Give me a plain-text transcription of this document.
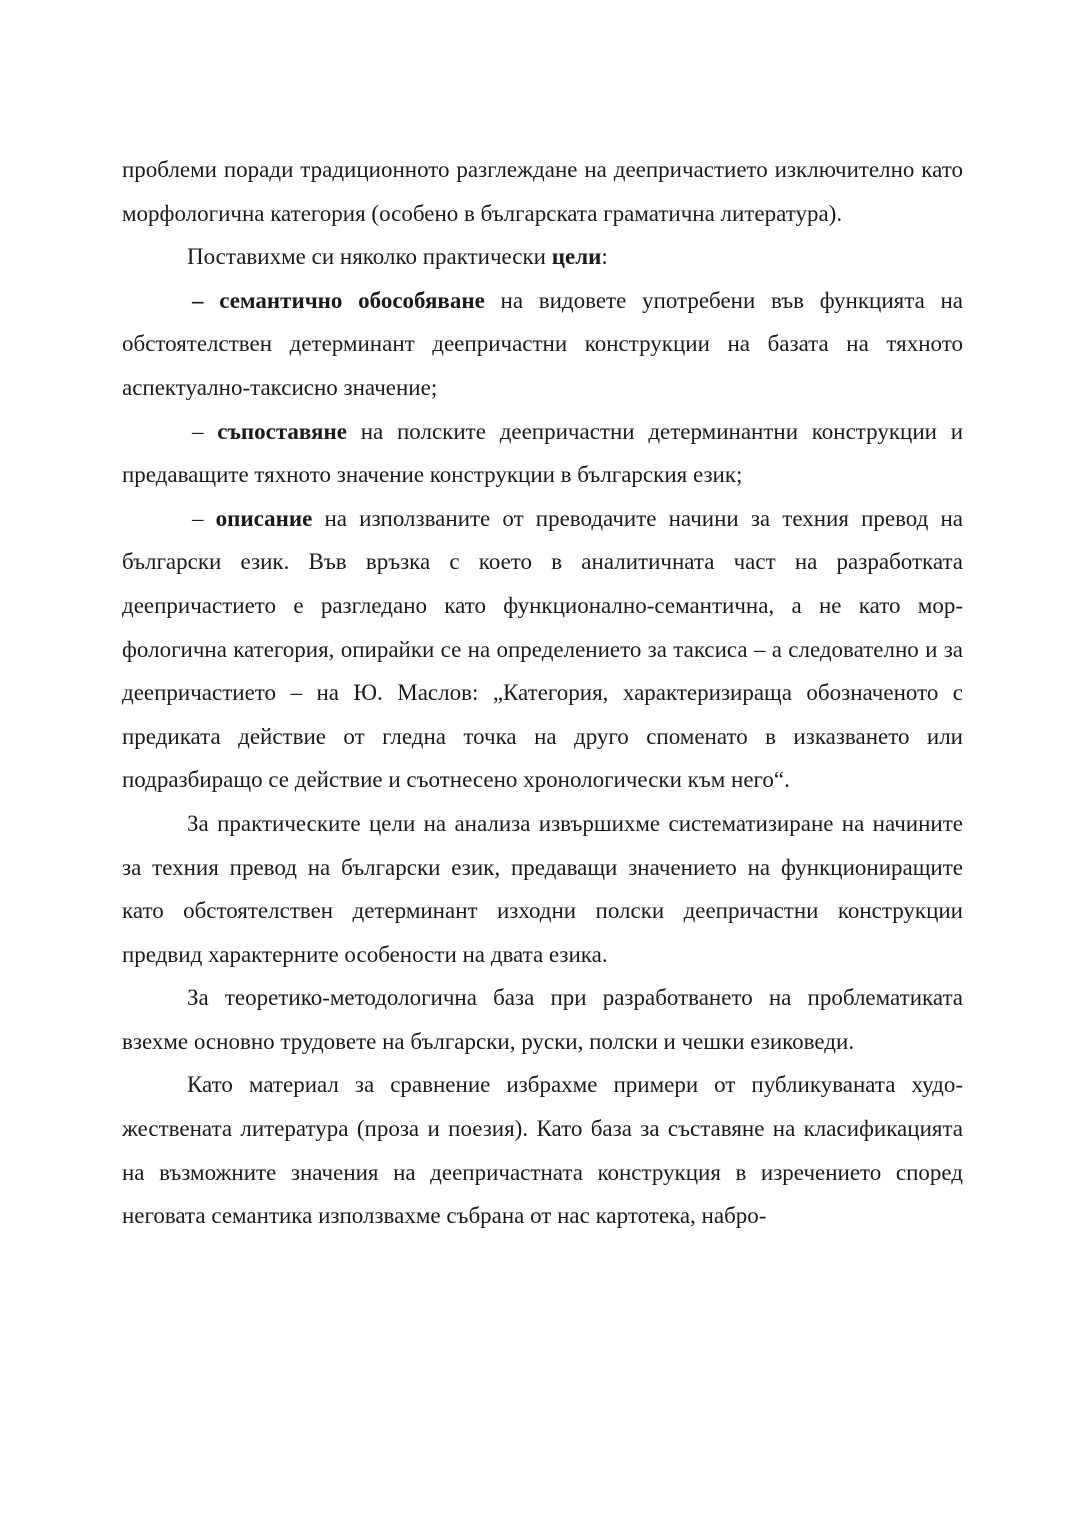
проблеми поради традиционното разглеждане на деепричастието изключително като морфологична категория (особено в българската граматична литература).

Поставихме си няколко практически цели:

– семантично обособяване на видовете употребени във функцията на обстоятелствен детерминант деепричастни конструкции на базата на тяхното аспектуално-таксисно значение;

– съпоставяне на полските деепричастни детерминантни конструкции и предаващите тяхното значение конструкции в българския език;

– описание на използваните от преводачите начини за техния превод на български език. Във връзка с което в аналитичната част на разработката деепричастието е разгледано като функционално-семантична, а не като морфологична категория, опирайки се на определението за таксиса – а следователно и за деепричастието – на Ю. Маслов: „Категория, характеризираща обозначеното с предиката действие от гледна точка на друго споменато в изказването или подразбиращо се действие и съотнесено хронологически към него“.

За практическите цели на анализа извършихме систематизиране на начините за техния превод на български език, предаващи значението на функциониращите като обстоятелствен детерминант изходни полски деепричастни конструкции предвид характерните особености на двата езика.

За теоретико-методологична база при разработването на проблематиката взехме основно трудовете на български, руски, полски и чешки езиковеди.

Като материал за сравнение избрахме примери от публикуваната художествената литература (проза и поезия). Като база за съставяне на класификацията на възможните значения на деепричастната конструкция в изречението според неговата семантика използвахме събрана от нас картотека, набро-
